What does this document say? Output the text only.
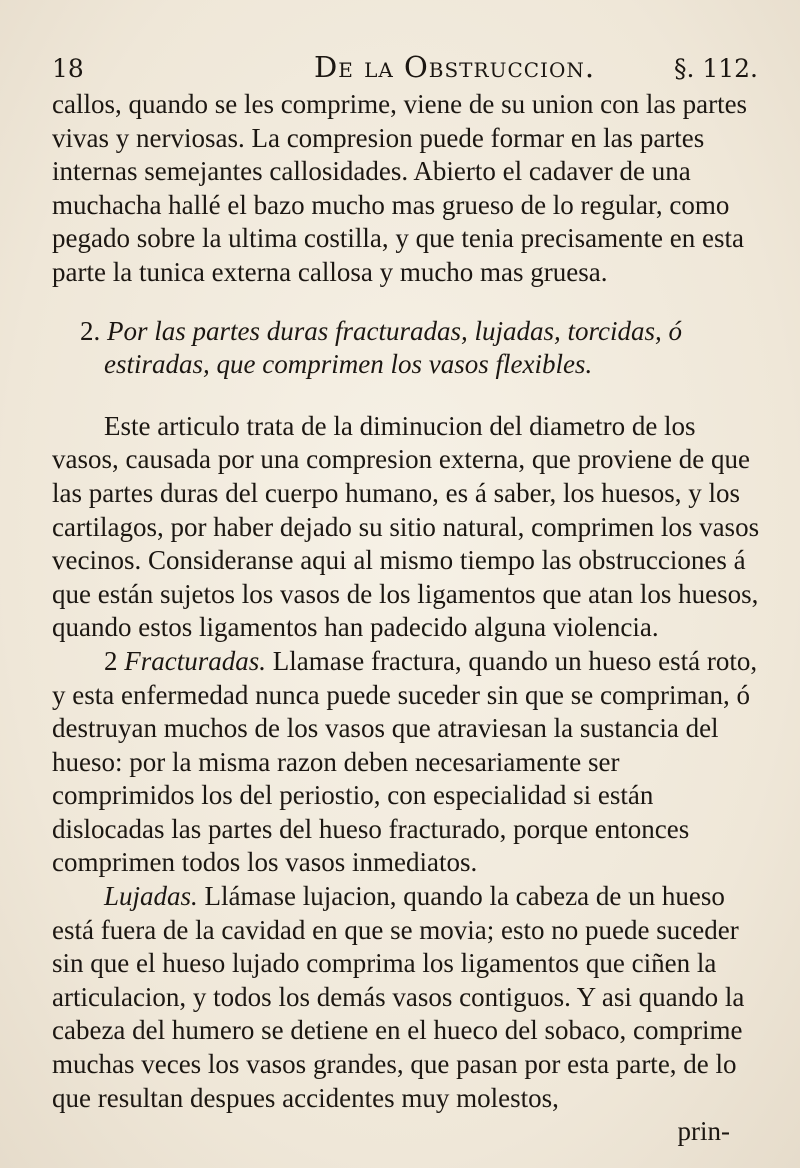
18	De la Obstruccion.	§. 112.

callos, quando se les comprime, viene de su union con las partes vivas y nerviosas. La compresion puede formar en las partes internas semejantes callosidades. Abierto el cadaver de una muchacha hallé el bazo mucho mas grueso de lo regular, como pegado sobre la ultima costilla, y que tenia precisamente en esta parte la tunica externa callosa y mucho mas gruesa.

2. Por las partes duras fracturadas, lujadas, torcidas, ó estiradas, que comprimen los vasos flexibles.

Este articulo trata de la diminucion del diametro de los vasos, causada por una compresion externa, que proviene de que las partes duras del cuerpo humano, es á saber, los huesos, y los cartilagos, por haber dejado su sitio natural, comprimen los vasos vecinos. Consideranse aqui al mismo tiempo las obstrucciones á que están sujetos los vasos de los ligamentos que atan los huesos, quando estos ligamentos han padecido alguna violencia.

2 Fracturadas. Llamase fractura, quando un hueso está roto, y esta enfermedad nunca puede suceder sin que se compriman, ó destruyan muchos de los vasos que atraviesan la sustancia del hueso: por la misma razon deben necesariamente ser comprimidos los del periostio, con especialidad si están dislocadas las partes del hueso fracturado, porque entonces comprimen todos los vasos inmediatos.

Lujadas. Llámase lujacion, quando la cabeza de un hueso está fuera de la cavidad en que se movia; esto no puede suceder sin que el hueso lujado comprima los ligamentos que ciñen la articulacion, y todos los demás vasos contiguos. Y asi quando la cabeza del humero se detiene en el hueco del sobaco, comprime muchas veces los vasos grandes, que pasan por esta parte, de lo que resultan despues accidentes muy molestos,

prin-
